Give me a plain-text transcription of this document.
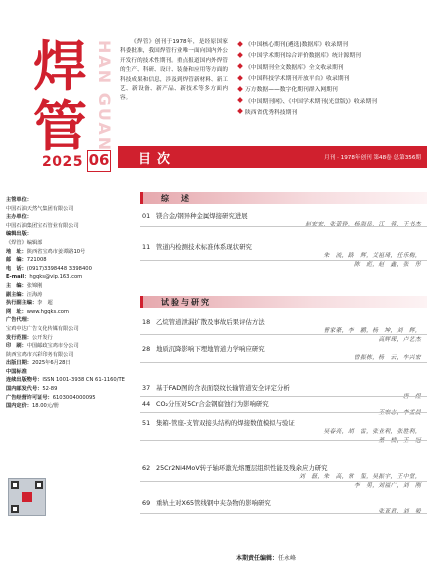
焊
管 HAN GUAN
2025 06
《焊管》创刊于1978年，是经原国家科委批准，我国焊管行业唯一面向国内外公开发行的技术性期刊。重点报道国内外焊管的生产、科研、设计、装备和应用等方面的科技成果和信息，涉及到焊管新材料、新工艺、新设备、新产品、新技术等多方面内容。
《中国核心期刊(遴选)数据库》收录期刊
《中国学术期刊综合评价数据库》统计源期刊
《中国期刊全文数据库》全文收录期刊
《中国科技学术期刊开放平台》收录期刊
万方数据——数字化期刊群入网期刊
《中国期刊网》、《中国学术期刊(光盘版)》收录期刊
陕西省优秀科技期刊
目次	月刊 · 1978年创刊 第48卷 总第356期
主管单位：
中国石油天然气集团有限公司
主办单位：
中国石油集团宝石管业有限公司
编辑出版：
《焊管》编辑部
地　址：陕西省宝鸡市姜谭路10号
邮　编：721008
电　话：(0917)3398448 3398400
E-mail：hgqks@vip.163.com
主　编：张锦刚
副主编：汪海涛
执行副主编：李　超
网　址：www.hgqks.com
广告代理：
宝鸡中达广告文化传媒有限公司
发行范围：公开发行
印　刷：中国邮政宝鸡市分公司
陕西宝鸡市兴彩印务有限公司
出版日期：2025年6月28日
中国标准
连续出版物号：ISSN 1001-3938 CN 61-1160/TE
国内邮发代号：52-89
广告经营许可证号：6103004000095
国内定价：18.00元/册
综　述
试验与研究
01 镁合金/钢异种金属焊接研究进展
赵宏宏，张蕾铮，杨海岳，江　蓉，王书杰
11 管道内检测技术标准体系现状研究
朱　流，路　辉，艾祖琦，任乐梅，
陈　彪，赵　鑫，张　彤
18 乙烷管道泄漏扩散及事故后果评估方法
曹家豪，李　鹏，杨　坤，刘　辉，
高辉琛，卢艺杰
28 地质沉降影响下埋地管道力学响应研究
曾振栋，杨　云，车兴宏
37 基于FAD图的含表面裂纹长输管道安全评定分析
唐　煜
44 CO₂分压对5Cr合金钢腐蚀行为影响研究
王宏志，李孟晨
51 集箱-管座-支管双接头结构的焊接数值模拟与验证
吴春亮，胡　雷，张业利，张胜利，
董　楠，王　冠
62 25Cr2Ni4MoV转子轴环激光熔覆层组织性能及残余应力研究
刘　磊，朱　高，常　玺，吴振宇，王中堂，
李　男，刘福广，刘　刚
69 重轨土对X65管线钢中夹杂物的影响研究
张亚君，刘　毅
本期责任编辑：任永峰
